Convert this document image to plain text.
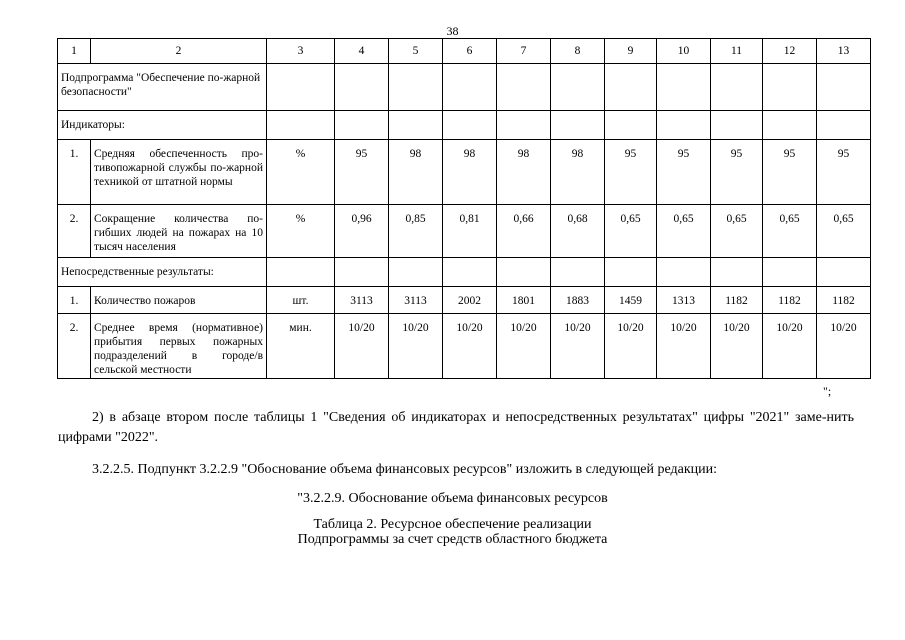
38
1	2	3	4	5	6	7	8	9	10	11	12	13
Подпрограмма "Обеспечение по-жарной безопасности"												
Индикаторы:												
1.	Средняя обеспеченность про-тивопожарной службы по-жарной техникой от штатной нормы	%	95	98	98	98	98	95	95	95	95	95
2.	Сокращение количества по-гибших людей на пожарах на 10 тысяч населения	%	0,96	0,85	0,81	0,66	0,68	0,65	0,65	0,65	0,65	0,65
Непосредственные результаты:												
1.	Количество пожаров	шт.	3113	3113	2002	1801	1883	1459	1313	1182	1182	1182
2.	Среднее время (нормативное) прибытия первых пожарных подразделений в городе/в сельской местности	мин.	10/20	10/20	10/20	10/20	10/20	10/20	10/20	10/20	10/20	10/20
";
2) в абзаце втором после таблицы 1 "Сведения об индикаторах и непосредственных результатах" цифры "2021" заме-нить цифрами "2022".
3.2.2.5. Подпункт 3.2.2.9 "Обоснование объема финансовых ресурсов" изложить в следующей редакции:
"3.2.2.9. Обоснование объема финансовых ресурсов
Таблица 2. Ресурсное обеспечение реализации
Подпрограммы за счет средств областного бюджета
